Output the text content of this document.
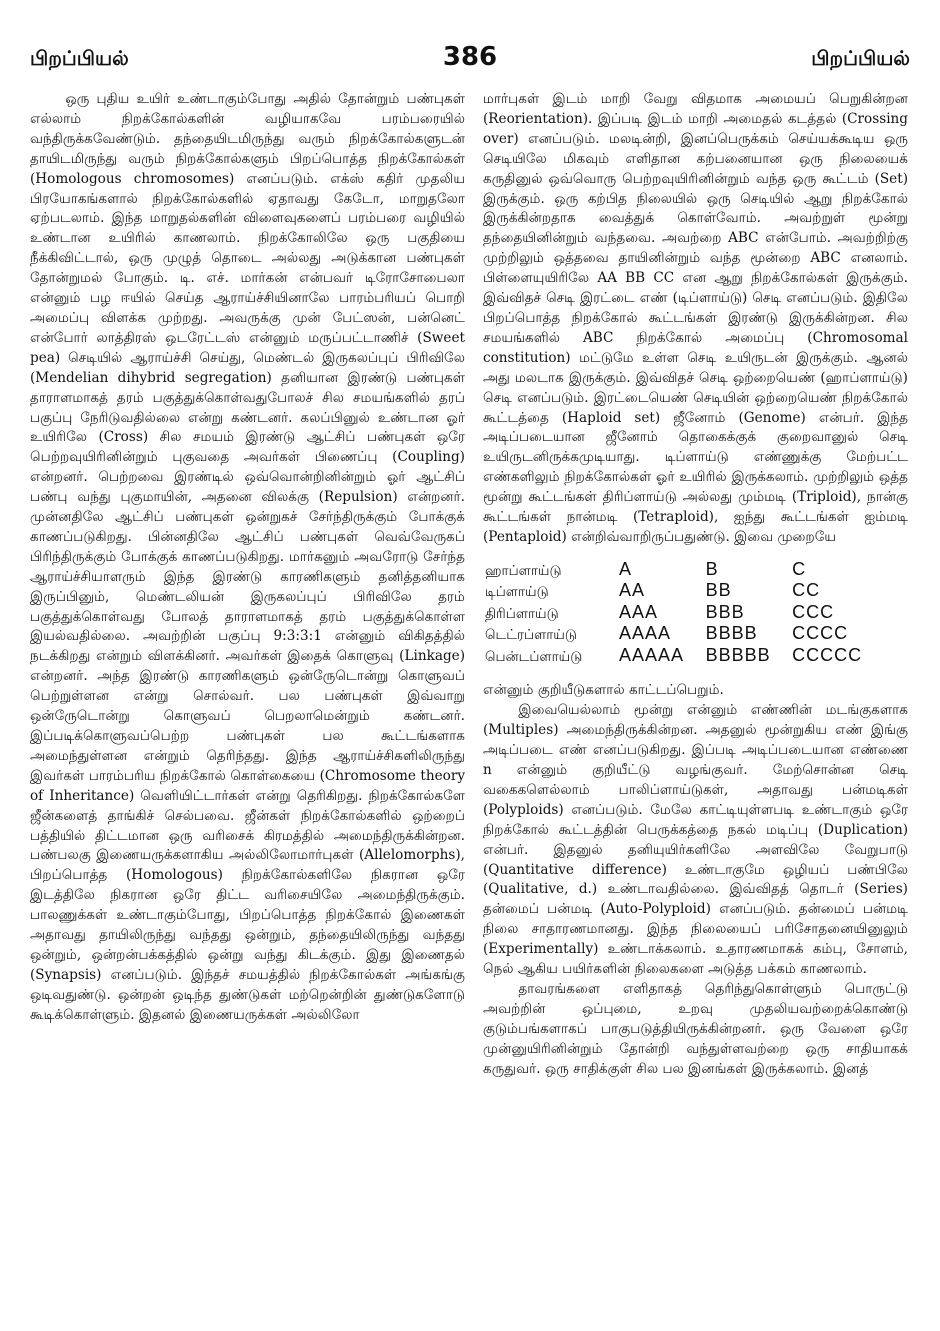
பிறப்பியல்	386	பிறப்பியல்

ஒரு புதிய உயிர் உண்டாகும்போது அதில் தோன்றும் பண்புகள் எல்லாம் நிறக்கோல்களின் வழியாகவே பரம்பரையில் வந்திருக்கவேண்டும். தந்தையிடமிருந்து வரும் நிறக்கோல்களுடன் தாயிடமிருந்து வரும் நிறக்கோல்களும் பிறப்பொத்த நிறக்கோல்கள் (Homologous chromosomes) எனப்படும். எக்ஸ் கதிர் முதலிய பிரயோகங்களால் நிறக்கோல்களில் ஏதாவது கேடோ, மாறுதலோ ஏற்படலாம். இந்த மாறுதல்களின் விளைவுகளைப் பரம்பரை வழியில் உண்டான உயிரில் காணலாம். நிறக்கோலிலே ஒரு பகுதியை நீக்கிவிட்டால், ஒரு முழுத் தொடை அல்லது அடுக்கான பண்புகள் தோன்றுமல் போகும். டி. எச். மார்கன் என்பவர் டிரோசோபைலா என்னும் பழ ஈயில் செய்த ஆராய்ச்சியினாலே பாரம்பரியப் பொறி அமைப்பு விளக்க முற்றது. அவருக்கு முன் பேட்ஸன், பன்னெட் என்போர் லாத்திரஸ் ஒடரேட்டஸ் என்னும் மருப்பட்டாணிச் (Sweet pea) செடியில் ஆராய்ச்சி செய்து, மெண்டல் இருகலப்புப் பிரிவிலே (Mendelian dihybrid segregation) தனியான இரண்டு பண்புகள் தாராளமாகத் தரம் பகுத்துக்கொள்வதுபோலச் சில சமயங்களில் தரப் பகுப்பு நேரிடுவதில்லை என்று கண்டனர். கலப்பினுல் உண்டான ஓர் உயிரிலே (Cross) சில சமயம் இரண்டு ஆட்சிப் பண்புகள் ஒரே பெற்றவுயிரினின்றும் புகுவதை அவர்கள் பிணைப்பு (Coupling) என்றனர். பெற்றவை இரண்டில் ஒவ்வொன்றினின்றும் ஓர் ஆட்சிப் பண்பு வந்து புகுமாயின், அதனை விலக்கு (Repulsion) என்றனர். முன்னதிலே ஆட்சிப் பண்புகள் ஒன்றுகச் சேர்ந்திருக்கும் போக்குக் காணப்படுகிறது. பின்னதிலே ஆட்சிப் பண்புகள் வெவ்வேருகப் பிரிந்திருக்கும் போக்குக் காணப்படுகிறது. மார்கனும் அவரோடு சேர்ந்த ஆராய்ச்சியாளரும் இந்த இரண்டு காரணிகளும் தனித்தனியாக இருப்பினும், மெண்டலியன் இருகலப்புப் பிரிவிலே தரம் பகுத்துக்கொள்வது போலத் தாராளமாகத் தரம் பகுத்துக்கொள்ள இயல்வதில்லை. அவற்றின் பகுப்பு 9:3:3:1 என்னும் விகிதத்தில் நடக்கிறது என்றும் விளக்கினர். அவர்கள் இதைக் கொளுவு (Linkage) என்றனர். அந்த இரண்டு காரணிகளும் ஒன்ருேடொன்று கொளுவப் பெற்றுள்ளன என்று சொல்வர். பல பண்புகள் இவ்வாறு ஒன்ருேடொன்று கொளுவப் பெறலாமென்றும் கண்டனர். இப்படிக்கொளுவப்பெற்ற பண்புகள் பல கூட்டங்களாக அமைந்துள்ளன என்றும் தெரிந்தது. இந்த ஆராய்ச்சிகளிலிருந்து இவர்கள் பாரம்பரிய நிறக்கோல் கொள்கையை (Chromosome theory of Inheritance) வெளியிட்டார்கள் என்று தெரிகிறது. நிறக்கோல்களே ஜீன்களைத் தாங்கிச் செல்பவை. ஜீன்கள் நிறக்கோல்களில் ஒற்றைப் பத்தியில் திட்டமான ஒரு வரிசைக் கிரமத்தில் அமைந்திருக்கின்றன. பண்பலகு இணையருக்களாகிய அல்லிலோமார்புகள் (Allelomorphs), பிறப்பொத்த (Homologous) நிறக்கோல்களிலே நிகரான ஒரே இடத்திலே நிகரான ஒரே திட்ட வரிசையிலே அமைந்திருக்கும். பாலணுக்கள் உண்டாகும்போது, பிறப்பொத்த நிறக்கோல் இணைகள் அதாவது தாயிலிருந்து வந்தது ஒன்றும், தந்தையிலிருந்து வந்தது ஒன்றும், ஒன்றன்பக்கத்தில் ஒன்று வந்து கிடக்கும். இது இணைதல் (Synapsis) எனப்படும். இந்தச் சமயத்தில் நிறக்கோல்கள் அங்கங்கு ஒடிவதுண்டு. ஒன்றன் ஒடிந்த துண்டுகள் மற்றென்றின் துண்டுகளோடு கூடிக்கொள்ளும். இதனல் இணையருக்கள் அல்லிலோ

மார்புகள் இடம் மாறி வேறு விதமாக அமையப் பெறுகின்றன (Reorientation). இப்படி இடம் மாறி அமைதல் கடத்தல் (Crossing over) எனப்படும். மலடின்றி, இனப்பெருக்கம் செய்யக்கூடிய ஒரு செடியிலே மிகவும் எளிதான கற்பனையான ஒரு நிலையைக் கருதினுல் ஒவ்வொரு பெற்றவுயிரினின்றும் வந்த ஒரு கூட்டம் (Set) இருக்கும். ஒரு கற்பித நிலையில் ஒரு செடியில் ஆறு நிறக்கோல் இருக்கின்றதாக வைத்துக் கொள்வோம். அவற்றுள் மூன்று தந்தையினின்றும் வந்தவை. அவற்றை ABC என்போம். அவற்றிற்கு முற்றிலும் ஒத்தவை தாயினின்றும் வந்த மூன்றை ABC எனலாம். பிள்ளையுயிரிலே AA BB CC என ஆறு நிறக்கோல்கள் இருக்கும். இவ்விதச் செடி இரட்டை எண் (டிப்ளாய்டு) செடி எனப்படும். இதிலே பிறப்பொத்த நிறக்கோல் கூட்டங்கள் இரண்டு இருக்கின்றன. சில சமயங்களில் ABC நிறக்கோல் அமைப்பு (Chromosomal constitution) மட்டுமே உள்ள செடி உயிருடன் இருக்கும். ஆனல் அது மலடாக இருக்கும். இவ்விதச் செடி ஒற்றையெண் (ஹாப்ளாய்டு) செடி எனப்படும். இரட்டையெண் செடியின் ஒற்றையெண் நிறக்கோல் கூட்டத்தை (Haploid set) ஜீனோம் (Genome) என்பர். இந்த அடிப்படையான ஜீனோம் தொகைக்குக் குறைவானுல் செடி உயிருடனிருக்கமுடியாது. டிப்ளாய்டு எண்ணுக்கு மேற்பட்ட எண்களிலும் நிறக்கோல்கள் ஓர் உயிரில் இருக்கலாம். முற்றிலும் ஒத்த மூன்று கூட்டங்கள் திரிப்ளாய்டு அல்லது மும்மடி (Triploid), நான்கு கூட்டங்கள் நான்மடி (Tetraploid), ஐந்து கூட்டங்கள் ஐம்மடி (Pentaploid) என்றிவ்வாறிருப்பதுண்டு. இவை முறையே

ஹாப்ளாய்டு	A	B	C
டிப்ளாய்டு	AA	BB	CC
திரிப்ளாய்டு	AAA	BBB	CCC
டெட்ரப்ளாய்டு	AAAA	BBBB	CCCC
பென்டப்ளாய்டு	AAAAA	BBBBB	CCCCC

என்னும் குறியீடுகளால் காட்டப்பெறும்.

இவையெல்லாம் மூன்று என்னும் எண்ணின் மடங்குகளாக (Multiples) அமைந்திருக்கின்றன. அதனுல் மூன்றுகிய எண் இங்கு அடிப்படை எண் எனப்படுகிறது. இப்படி அடிப்படையான எண்ணை n என்னும் குறியீட்டு வழங்குவர். மேற்சொன்ன செடி வகைகளெல்லாம் பாலிப்ளாய்டுகள், அதாவது பன்மடிகள் (Polyploids) எனப்படும். மேலே காட்டியுள்ளபடி உண்டாகும் ஒரே நிறக்கோல் கூட்டத்தின் பெருக்கத்தை நகல் மடிப்பு (Duplication) என்பர். இதனுல் தனியுயிர்களிலே அளவிலே வேறுபாடு (Quantitative difference) உண்டாகுமே ஒழியப் பண்பிலே (Qualitative, d.) உண்டாவதில்லை. இவ்விதத் தொடர் (Series) தன்மைப் பன்மடி (Auto-Polyploid) எனப்படும். தன்மைப் பன்மடி நிலை சாதாரணமானது. இந்த நிலையைப் பரிசோதனையினுலும் (Experimentally) உண்டாக்கலாம். உதாரணமாகக் கம்பு, சோளம், நெல் ஆகிய பயிர்களின் நிலைகளை அடுத்த பக்கம் காணலாம்.

தாவரங்களை எளிதாகத் தெரிந்துகொள்ளும் பொருட்டு அவற்றின் ஒப்புமை, உறவு முதலியவற்றைக்கொண்டு குடும்பங்களாகப் பாகுபடுத்தியிருக்கின்றனர். ஒரு வேளை ஒரே முன்னுயிரினின்றும் தோன்றி வந்துள்ளவற்றை ஒரு சாதியாகக் கருதுவர். ஒரு சாதிக்குள் சில பல இனங்கள் இருக்கலாம். இனத்
